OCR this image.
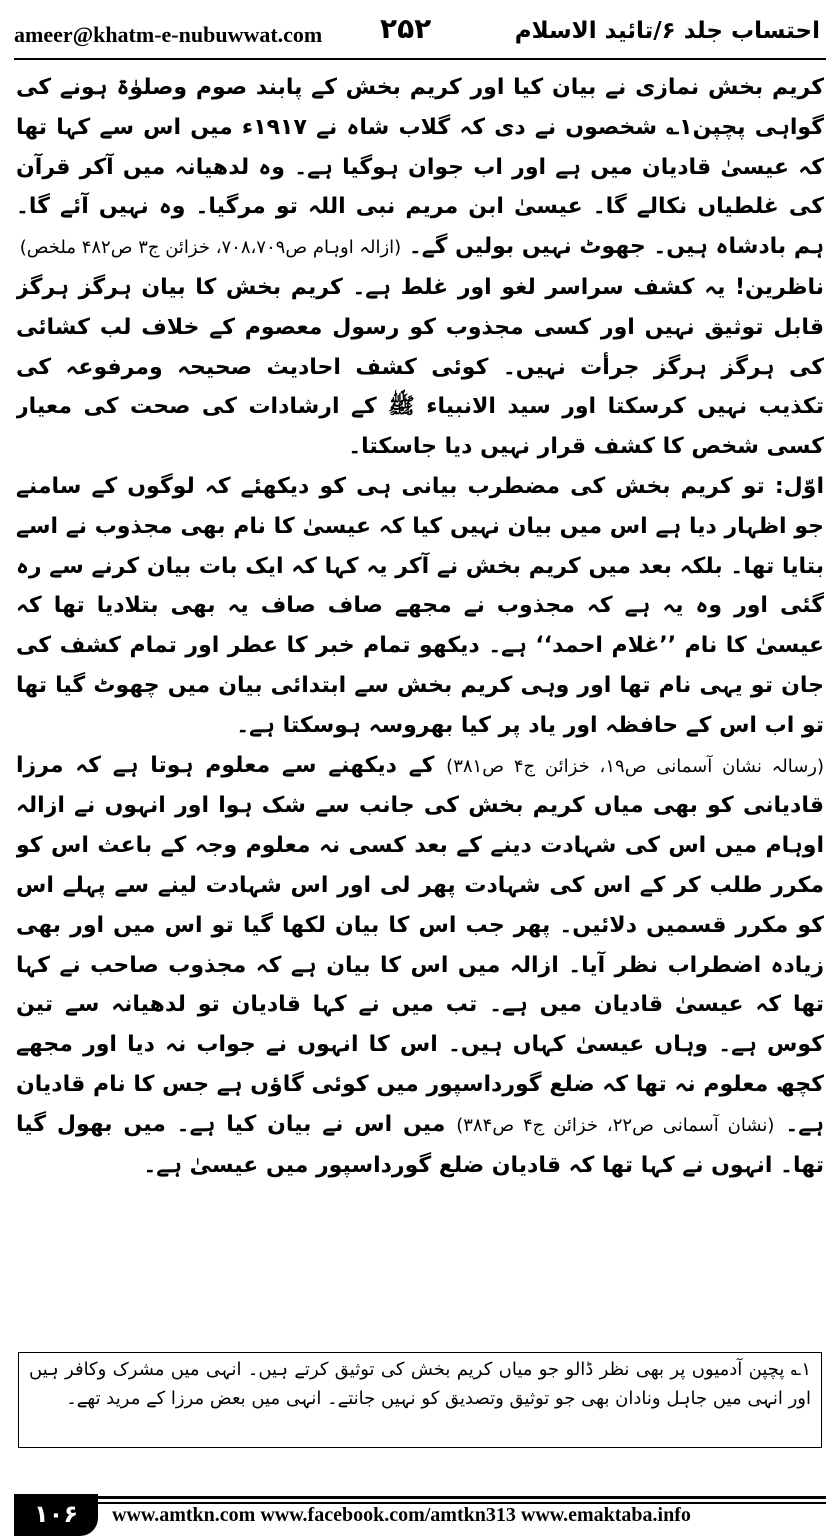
ameer@khatm-e-nubuwwat.com ۲۵۲	احتساب جلد ۶/تائید الاسلام

کریم بخش نمازی نے بیان کیا اور کریم بخش کے پابند صوم وصلوٰۃ ہونے کی گواہی پچپن۱؎ شخصوں نے دی کہ گلاب شاہ نے ۱۹۱۷ء میں اس سے کہا تھا کہ عیسیٰ قادیان میں ہے اور اب جوان ہوگیا ہے۔ وہ لدھیانہ میں آکر قرآن کی غلطیاں نکالے گا۔ عیسیٰ ابن مریم نبی اللہ تو مرگیا۔ وہ نہیں آئے گا۔ ہم بادشاہ ہیں۔ جھوٹ نہیں بولیں گے۔ (ازالہ اوہام ص۷۰۸،۷۰۹، خزائن ج۳ ص۴۸۲ ملخص)

ناظرین! یہ کشف سراسر لغو اور غلط ہے۔ کریم بخش کا بیان ہرگز ہرگز قابل توثیق نہیں اور کسی مجذوب کو رسول معصوم کے خلاف لب کشائی کی ہرگز ہرگز جرأت نہیں۔ کوئی کشف احادیث صحیحہ ومرفوعہ کی تکذیب نہیں کرسکتا اور سید الانبیاء ﷺ کے ارشادات کی صحت کی معیار کسی شخص کا کشف قرار نہیں دیا جاسکتا۔

اوّل: تو کریم بخش کی مضطرب بیانی ہی کو دیکھئے کہ لوگوں کے سامنے جو اظہار دیا ہے اس میں بیان نہیں کیا کہ عیسیٰ کا نام بھی مجذوب نے اسے بتایا تھا۔ بلکہ بعد میں کریم بخش نے آکر یہ کہا کہ ایک بات بیان کرنے سے رہ گئی اور وہ یہ ہے کہ مجذوب نے مجھے صاف صاف یہ بھی بتلادیا تھا کہ عیسیٰ کا نام ’’غلام احمد‘‘ ہے۔ دیکھو تمام خبر کا عطر اور تمام کشف کی جان تو یہی نام تھا اور وہی کریم بخش سے ابتدائی بیان میں چھوٹ گیا تھا تو اب اس کے حافظہ اور یاد پر کیا بھروسہ ہوسکتا ہے۔

(رسالہ نشان آسمانی ص۱۹، خزائن ج۴ ص۳۸۱) کے دیکھنے سے معلوم ہوتا ہے کہ مرزا قادیانی کو بھی میاں کریم بخش کی جانب سے شک ہوا اور انہوں نے ازالہ اوہام میں اس کی شہادت دینے کے بعد کسی نہ معلوم وجہ کے باعث اس کو مکرر طلب کر کے اس کی شہادت پھر لی اور اس شہادت لینے سے پہلے اس کو مکرر قسمیں دلائیں۔ پھر جب اس کا بیان لکھا گیا تو اس میں اور بھی زیادہ اضطراب نظر آیا۔ ازالہ میں اس کا بیان ہے کہ مجذوب صاحب نے کہا تھا کہ عیسیٰ قادیان میں ہے۔ تب میں نے کہا قادیان تو لدھیانہ سے تین کوس ہے۔ وہاں عیسیٰ کہاں ہیں۔ اس کا انہوں نے جواب نہ دیا اور مجھے کچھ معلوم نہ تھا کہ ضلع گورداسپور میں کوئی گاؤں ہے جس کا نام قادیان ہے۔ (نشان آسمانی ص۲۲، خزائن ج۴ ص۳۸۴) میں اس نے بیان کیا ہے۔ میں بھول گیا تھا۔ انہوں نے کہا تھا کہ قادیان ضلع گورداسپور میں عیسیٰ ہے۔

۱؎ پچپن آدمیوں پر بھی نظر ڈالو جو میاں کریم بخش کی توثیق کرتے ہیں۔ انہی میں مشرک وکافر ہیں اور انہی میں جاہل ونادان بھی جو توثیق وتصدیق کو نہیں جانتے۔ انہی میں بعض مرزا کے مرید تھے۔
۱۰۶	www.amtkn.com www.facebook.com/amtkn313 www.emaktaba.info
